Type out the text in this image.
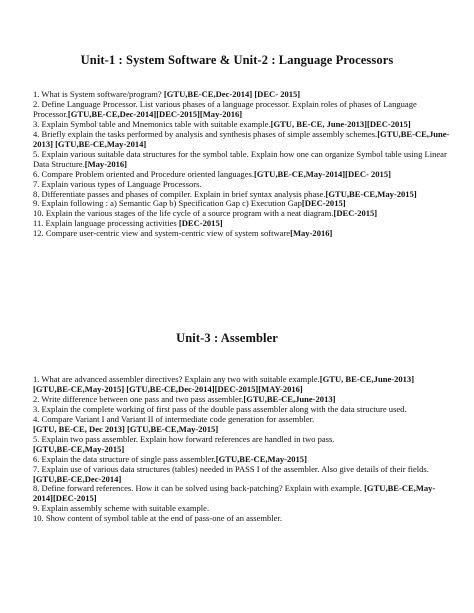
Unit-1 : System Software & Unit-2 : Language Processors

1. What is System software/program? [GTU,BE-CE,Dec-2014] [DEC- 2015]

2. Define Language Processor. List various phases of a language processor. Explain roles of phases of Language Processor.[GTU,BE-CE,Dec-2014][DEC-2015][May-2016]

3. Explain Symbol table and Mnemonics table with suitable example.[GTU, BE-CE, June-2013][DEC-2015]

4. Briefly explain the tasks performed by analysis and synthesis phases of simple assembly schemes.[GTU,BE-CE,June-2013] [GTU,BE-CE,May-2014]

5. Explain various suitable data structures for the symbol table. Explain how one can organize Symbol table using Linear Data Structure.[May-2016]

6. Compare Problem oriented and Procedure oriented languages.[GTU,BE-CE,May-2014][DEC- 2015]

7. Explain various types of Language Processors.

8. Differentiate passes and phases of compiler. Explain in brief syntax analysis phase.[GTU,BE-CE,May-2015]

9. Explain following : a) Semantic Gap b) Specification Gap c) Execution Gap[DEC-2015]

10. Explain the various stages of the life cycle of a source program with a neat diagram.[DEC-2015]

11. Explain language processing activities [DEC-2015]

12. Compare user-centric view and system-centric view of system software[May-2016]

Unit-3 : Assembler

1. What are advanced assembler directives? Explain any two with suitable example.[GTU, BE-CE,June-2013] [GTU,BE-CE,May-2015] [GTU,BE-CE,Dec-2014][DEC-2015][MAY-2016]

2. Write difference between one pass and two pass assembler.[GTU,BE-CE,June-2013]

3. Explain the complete working of first pass of the double pass assembler along with the data structure used.

4. Compare Variant I and Variant II of intermediate code generation for assembler.
[GTU, BE-CE, Dec 2013] [GTU,BE-CE,May-2015]

5. Explain two pass assembler. Explain how forward references are handled in two pass.
[GTU,BE-CE,May-2015]

6. Explain the data structure of single pass assembler.[GTU,BE-CE,May-2015]

7. Explain use of various data structures (tables) needed in PASS I of the assembler. Also give details of their fields. [GTU,BE-CE,Dec-2014]

8. Define forward references. How it can be solved using back-patching? Explain with example. [GTU,BE-CE,May-2014][DEC-2015]

9. Explain assembly scheme with suitable example.

10. Show content of symbol table at the end of pass-one of an assembler.
